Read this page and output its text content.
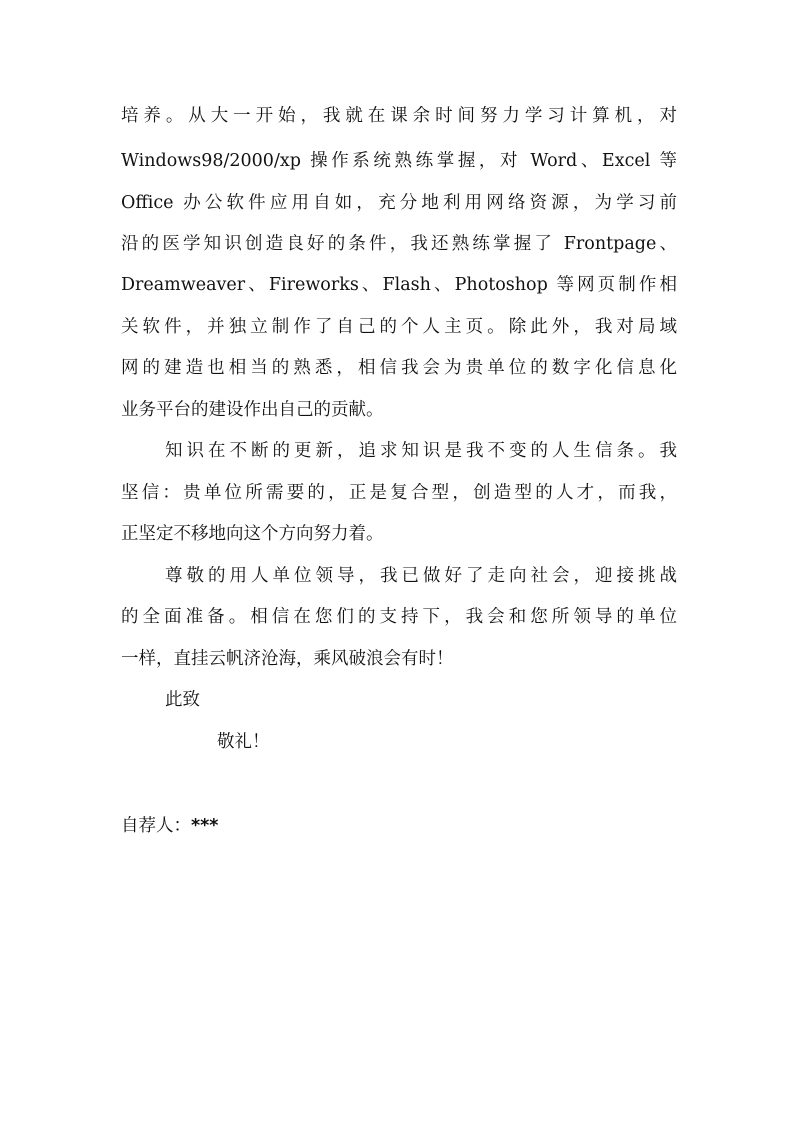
培养。从大一开始，我就在课余时间努力学习计算机，对
Windows98/2000/xp 操作系统熟练掌握，对 Word、Excel 等
Office 办公软件应用自如，充分地利用网络资源，为学习前
沿的医学知识创造良好的条件，我还熟练掌握了 Frontpage、
Dreamweaver、Fireworks、Flash、Photoshop 等网页制作相
关软件，并独立制作了自己的个人主页。除此外，我对局域
网的建造也相当的熟悉，相信我会为贵单位的数字化信息化
业务平台的建设作出自己的贡献。
知识在不断的更新，追求知识是我不变的人生信条。我
坚信：贵单位所需要的，正是复合型，创造型的人才，而我，
正坚定不移地向这个方向努力着。
尊敬的用人单位领导，我已做好了走向社会，迎接挑战
的全面准备。相信在您们的支持下，我会和您所领导的单位
一样，直挂云帆济沧海，乘风破浪会有时！
此致
敬礼！
自荐人：***
